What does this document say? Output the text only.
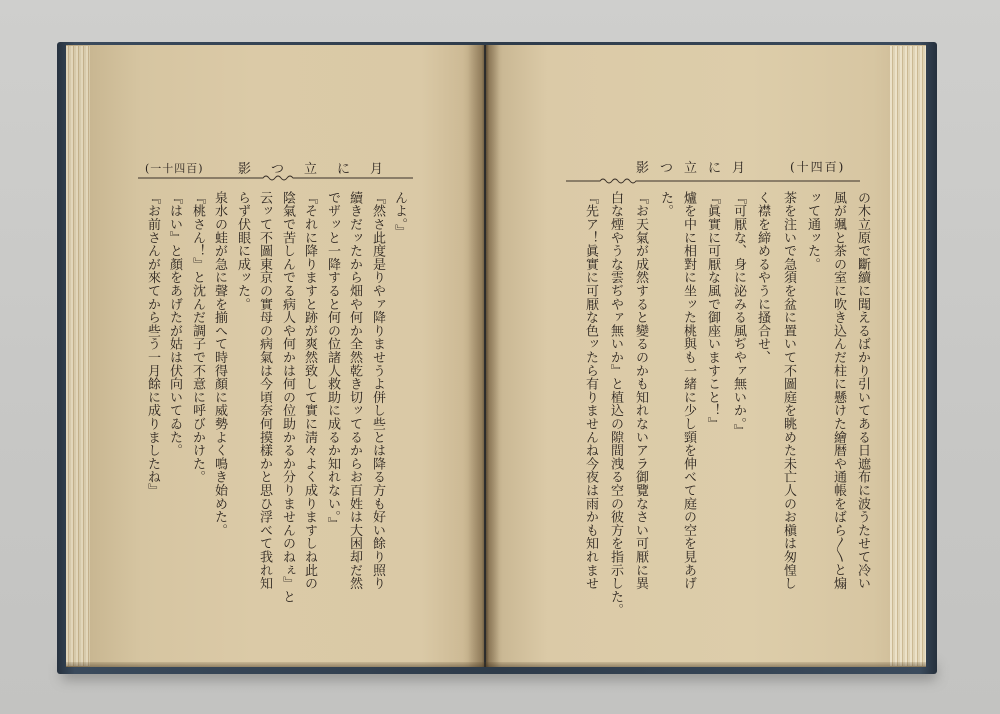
影つ立に月	(十四百)
(一十四百)	影つ立に月
の木立原で斷續に聞えるばかり引いてある日遮布に波うたせて冷い
風が颯と茶の室に吹き込んだ柱に懸けた繪暦や通帳をばら〳〵と煽
ッて通ッた。
茶を注いで急須を盆に置いて不圖庭を眺めた未亡人のお槇は匆惶し
く襟を締めるやうに搔合せ、
『可厭な、身に泌みる風ぢやァ無いか。』
『眞實に可厭な風で御座いますこと！』
爐を中に相對に坐ッた桃與も一緒に少し頸を伸べて庭の空を見あげ
た。
『お天氣が成然すると變るのかも知れないアラ御覽なさい可厭に異
白な煙やうな雲ぢやァ無いか』と植込の隙間洩る空の彼方を指示した。
『先ア！眞實に可厭な色ッたら有りませんね今夜は雨かも知れませ
んよ。』
『然さ此度是りやァ降りませうよ併し些とは降る方も好い餘り照り
續きだッたから畑や何か全然乾き切ッてるからお百姓は大困却だ然
でザッと一降すると何の位諸人救助に成るか知れない。』
『それに降りますと跡が爽然致して實に淸々よく成りますしね此の
陰氣で苦しんでる病人や何かは何の位助かるか分りませんのねぇ』と
云ッて不圖東京の實母の病氣は今頃奈何摸樣かと思ひ浮べて我れ知
らず伏眼に成ッた。
泉水の蛙が急に聲を揃へて時得顏に威勢よく鳴き始めた。
『桃さん！』と沈んだ調子で不意に呼びかけた。
『はい』と顏をあげたが姑は伏向いてゐた。
『お前さんが來てから些う一月餘に成りましたね』
